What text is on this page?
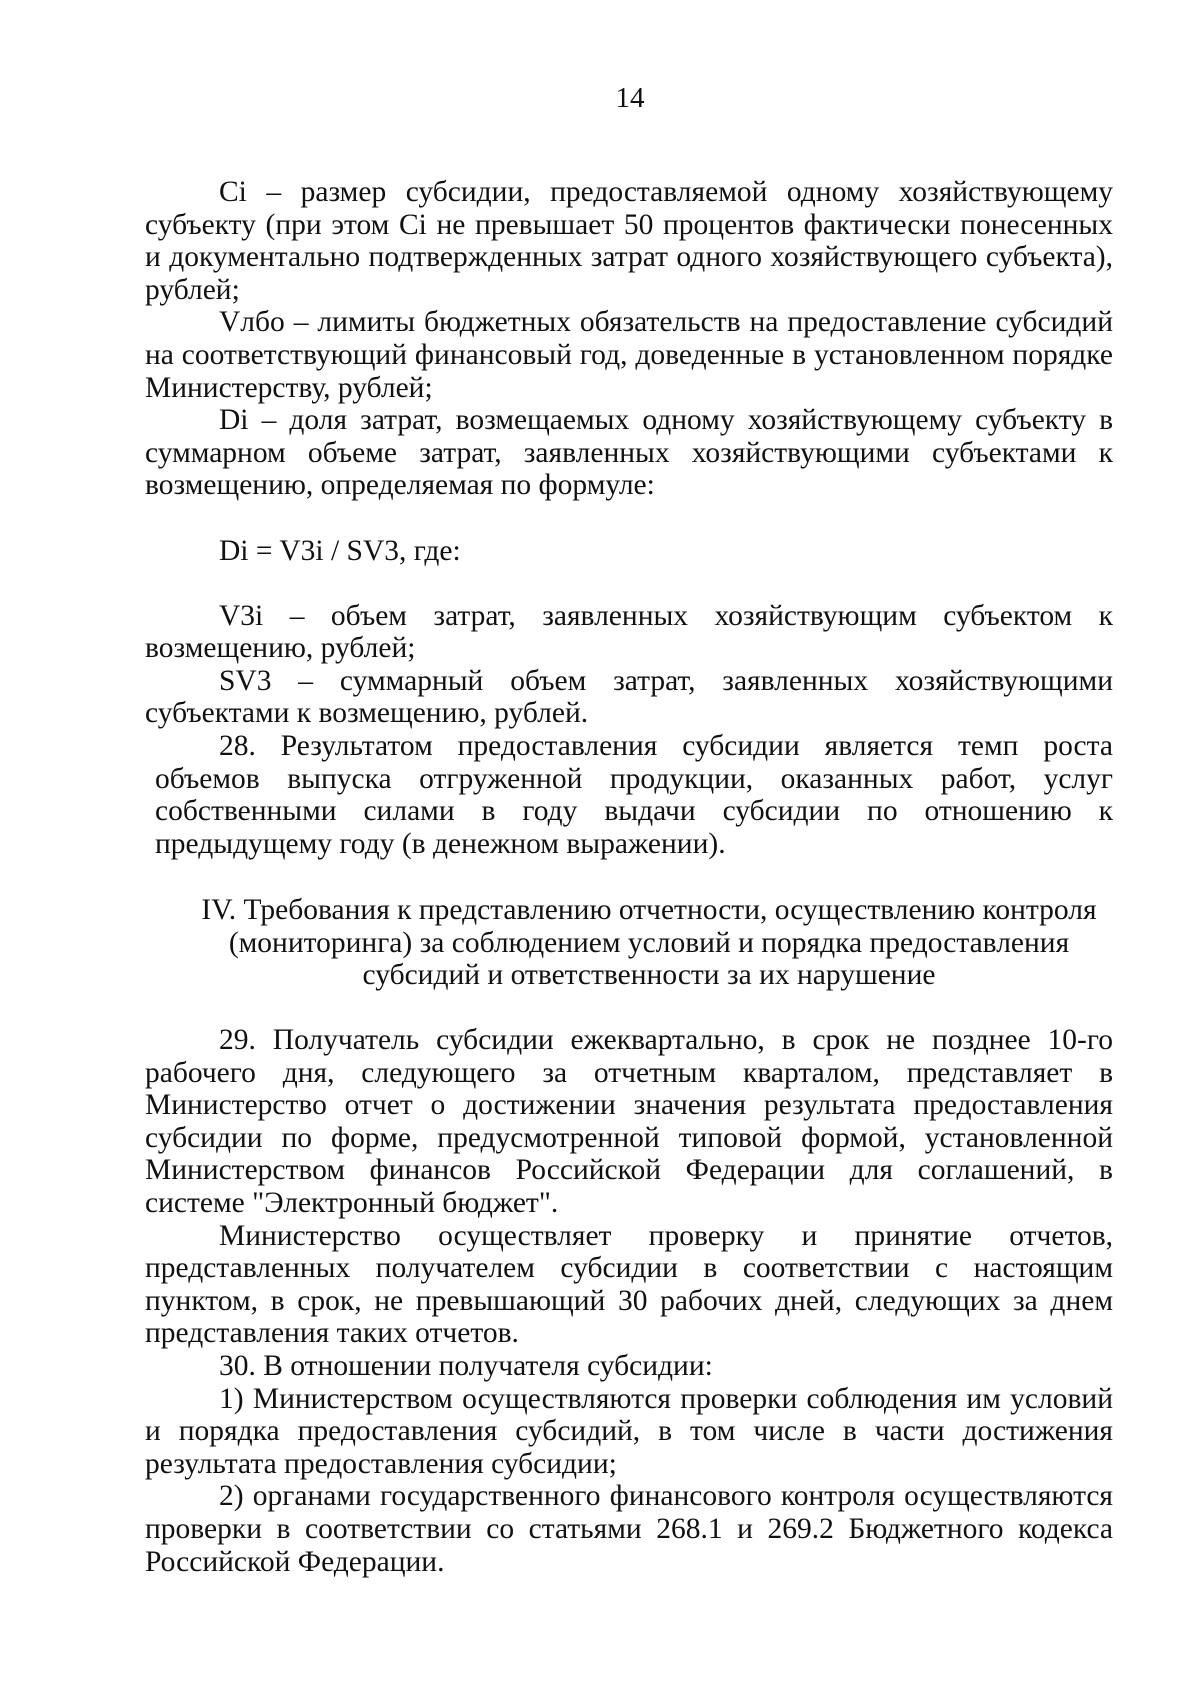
14

Ci – размер субсидии, предоставляемой одному хозяйствующему субъекту (при этом Ci не превышает 50 процентов фактически понесенных и документально подтвержденных затрат одного хозяйствующего субъекта), рублей;

Vлбо – лимиты бюджетных обязательств на предоставление субсидий на соответствующий финансовый год, доведенные в установленном порядке Министерству, рублей;

Di – доля затрат, возмещаемых одному хозяйствующему субъекту в суммарном объеме затрат, заявленных хозяйствующими субъектами к возмещению, определяемая по формуле:

Di = V3i / SV3, где:

V3i – объем затрат, заявленных хозяйствующим субъектом к возмещению, рублей;

SV3 – суммарный объем затрат, заявленных хозяйствующими субъектами к возмещению, рублей.

28. Результатом предоставления субсидии является темп роста объемов выпуска отгруженной продукции, оказанных работ, услуг собственными силами в году выдачи субсидии по отношению к предыдущему году (в денежном выражении).

IV. Требования к представлению отчетности, осуществлению контроля
(мониторинга) за соблюдением условий и порядка предоставления
субсидий и ответственности за их нарушение

29. Получатель субсидии ежеквартально, в срок не позднее 10-го рабочего дня, следующего за отчетным кварталом, представляет в Министерство отчет о достижении значения результата предоставления субсидии по форме, предусмотренной типовой формой, установленной Министерством финансов Российской Федерации для соглашений, в системе "Электронный бюджет".

Министерство осуществляет проверку и принятие отчетов, представленных получателем субсидии в соответствии с настоящим пунктом, в срок, не превышающий 30 рабочих дней, следующих за днем представления таких отчетов.

30. В отношении получателя субсидии:

1) Министерством осуществляются проверки соблюдения им условий и порядка предоставления субсидий, в том числе в части достижения результата предоставления субсидии;

2) органами государственного финансового контроля осуществляются проверки в соответствии со статьями 268.1 и 269.2 Бюджетного кодекса Российской Федерации.
